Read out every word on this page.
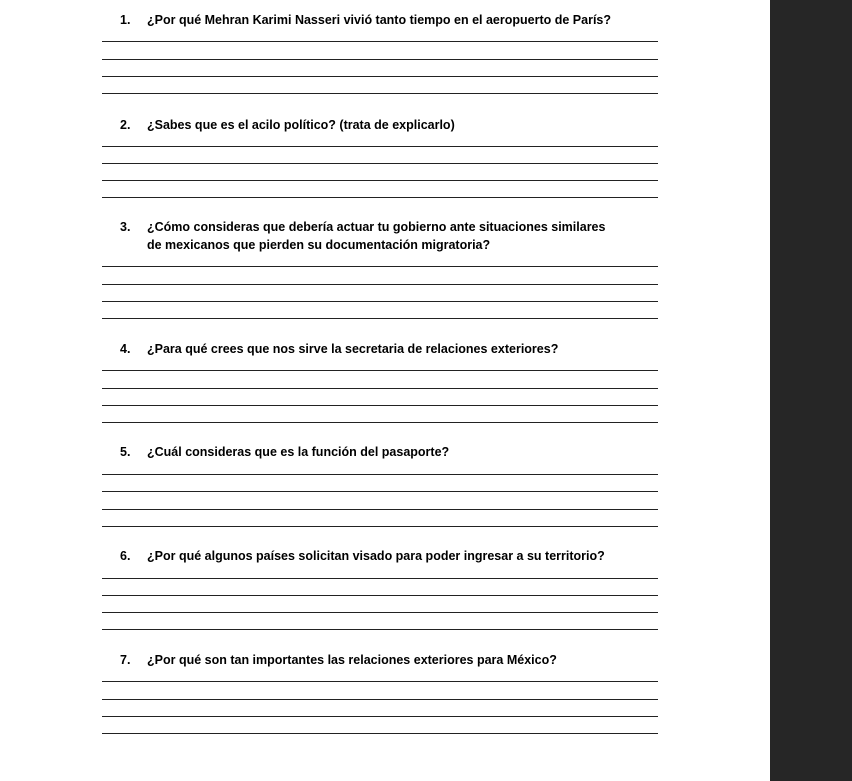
1. ¿Por qué Mehran Karimi Nasseri vivió tanto tiempo en el aeropuerto de París?
2. ¿Sabes que es el acilo político? (trata de explicarlo)
3. ¿Cómo consideras que debería actuar tu gobierno ante situaciones similares de mexicanos que pierden su documentación migratoria?
4. ¿Para qué crees que nos sirve la secretaria de relaciones exteriores?
5. ¿Cuál consideras que es la función del pasaporte?
6. ¿Por qué algunos países solicitan visado para poder ingresar a su territorio?
7. ¿Por qué son tan importantes las relaciones exteriores para México?
